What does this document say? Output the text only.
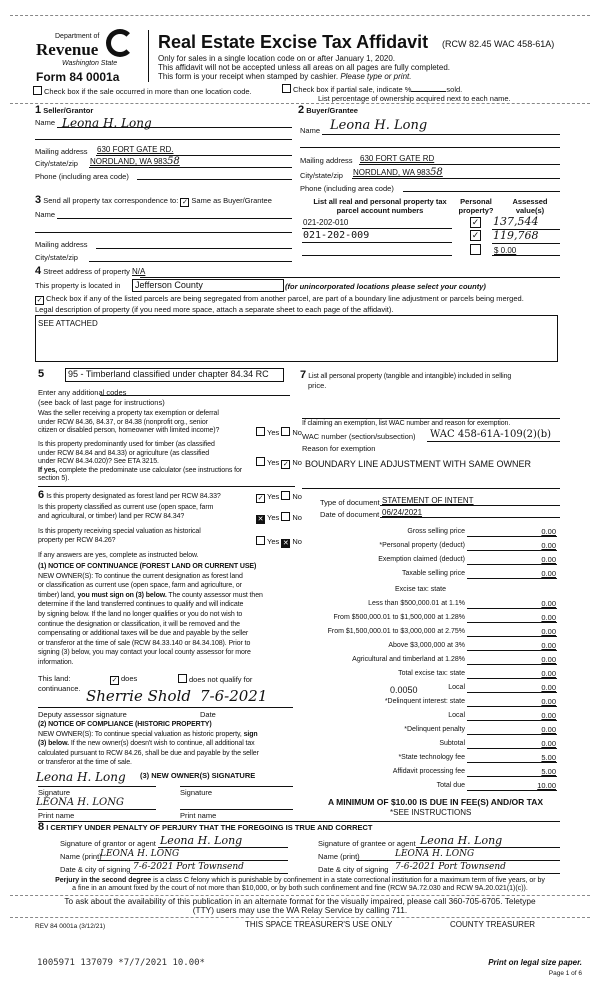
Department of
Revenue
Washington State
Form 84 0001a
Real Estate Excise Tax Affidavit (RCW 82.45 WAC 458-61A)
Only for sales in a single location code on or after January 1, 2020.
This affidavit will not be accepted unless all areas on all pages are fully completed.
This form is your receipt when stamped by cashier. Please type or print.
Check box if the sale occurred in more than one location code.	Check box if partial sale, indicate %	sold.
List percentage of ownership acquired next to each name.
1 Seller/Grantor
Name Leona H. Long
Mailing address 630 FORT GATE RD.
City/state/zip NORDLAND, WA 98358
Phone (including area code)
2 Buyer/Grantee
Name Leona H. Long
Mailing address 630 FORT GATE RD
City/state/zip NORDLAND, WA 98358
Phone (including area code)
3 Send all property tax correspondence to: ✓ Same as Buyer/Grantee
Name
Mailing address
City/state/zip
List all real and personal property tax parcel account numbers
Personal property?
Assessed value(s)
021-202-010	✓	137,544
021-202-009	✓	119,768
$ 0.00
4 Street address of property N/A
This property is located in	Jefferson County	(for unincorporated locations please select your county)
✓ Check box if any of the listed parcels are being segregated from another parcel, are part of a boundary line adjustment or parcels being merged.
Legal description of property (if you need more space, attach a separate sheet to each page of the affidavit).
SEE ATTACHED
5	95 - Timberland classified under chapter 84.34 RC
Enter any additional codes
(see back of last page for instructions)
Was the seller receiving a property tax exemption or deferral
under RCW 84.36, 84.37, or 84.38 (nonprofit org., senior
citizen or disabled person, homeowner with limited income)?	Yes No
Is this property predominantly used for timber (as classified
under RCW 84.84 and 84.33) or agriculture (as classified
under RCW 84.34.020)? See ETA 3215.
If yes, complete the predominate use calculator (see instructions for
section 5).
Yes ✓ No
6 Is this property designated as forest land per RCW 84.33?	✓ Yes No
Is this property classified as current use (open space, farm
and agricultural, or timber) land per RCW 84.34?	✕ Yes No
Is this property receiving special valuation as historical
property per RCW 84.26?	Yes ✕ No
If any answers are yes, complete as instructed below.
(1) NOTICE OF CONTINUANCE (FOREST LAND OR CURRENT USE)
NEW OWNER(S): To continue the current designation as forest land
or classification as current use (open space, farm and agriculture, or
timber) land, you must sign on (3) below. The county assessor must then
determine if the land transferred continues to qualify and will indicate
by signing below. If the land no longer qualifies or you do not wish to
continue the designation or classification, it will be removed and the
compensating or additional taxes will be due and payable by the seller
or transferor at the time of sale (RCW 84.33.140 or 84.34.108). Prior to
signing (3) below, you may contact your local county assessor for more
information.
This land:	✓ does	does not qualify for
continuance. Sherrie Shold 7-6-2021
Deputy assessor signature	Date
(2) NOTICE OF COMPLIANCE (HISTORIC PROPERTY)
NEW OWNER(S): To continue special valuation as historic property, sign
(3) below. If the new owner(s) doesn't wish to continue, all additional tax
calculated pursuant to RCW 84.26, shall be due and payable by the seller
or transferor at the time of sale.
(3) NEW OWNER(S) SIGNATURE
Leona H. Long
Signature	Signature
LEONA H. LONG
Print name	Print name
7 List all personal property (tangible and intangible) included in selling
price.
If claiming an exemption, list WAC number and reason for exemption.
WAC number (section/subsection) WAC 458-61A-109(2)(b)
Reason for exemption
BOUNDARY LINE ADJUSTMENT WITH SAME OWNER
Type of document STATEMENT OF INTENT
Date of document 06/24/2021
Gross selling price	0.00
*Personal property (deduct)	0.00
Exemption claimed (deduct)	0.00
Taxable selling price	0.00
Less than $500,000.01 at 1.1%	0.00
From $500,000.01 to $1,500,000 at 1.28%	0.00
From $1,500,000.01 to $3,000,000 at 2.75%	0.00
Above $3,000,000 at 3%	0.00
Agricultural and timberland at 1.28%	0.00
Total excise tax: state	0.00
Local	0.00
*Delinquent interest: state	0.00
Local	0.00
*Delinquent penalty	0.00
Subtotal	0.00
*State technology fee	5.00
Affidavit processing fee	5.00
Total due	10.00
Excise tax: state
0.0050
A MINIMUM OF $10.00 IS DUE IN FEE(S) AND/OR TAX
*SEE INSTRUCTIONS
8 I CERTIFY UNDER PENALTY OF PERJURY THAT THE FOREGOING IS TRUE AND CORRECT
Signature of grantor or agent Leona H. Long
Name (print)
LEONA H. LONG
Date & city of signing 7-6-2021 Port Townsend
Signature of grantee or agent Leona H. Long
Name (print)	LEONA H. LONG
Date & city of signing 7-6-2021 Port Townsend
Perjury in the second degree is a class C felony which is punishable by confinement in a state correctional institution for a maximum term of five years, or by
a fine in an amount fixed by the court of not more than $10,000, or by both such confinement and fine (RCW 9A.72.030 and RCW 9A.20.021(1)(c)).
To ask about the availability of this publication in an alternate format for the visually impaired, please call 360-705-6705. Teletype
(TTY) users may use the WA Relay Service by calling 711.
REV 84 0001a (3/12/21)	THIS SPACE TREASURER'S USE ONLY	COUNTY TREASURER
1005971 137079 *7/7/2021 10.00*	Print on legal size paper.
Page 1 of 6
